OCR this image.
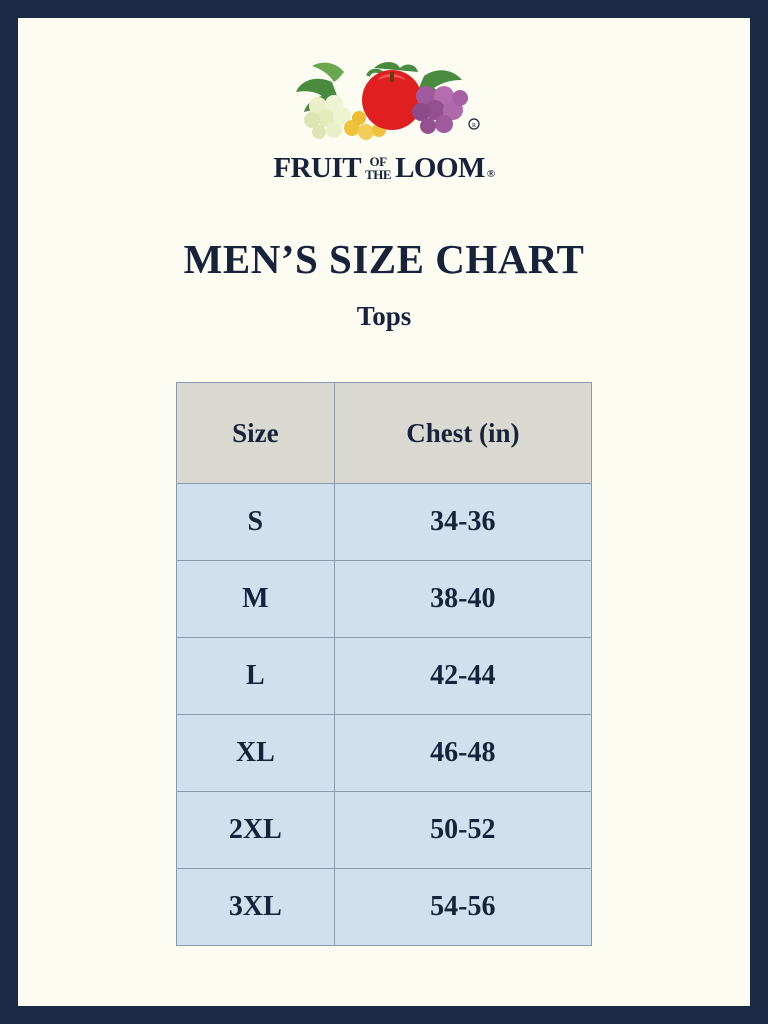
R
FRUIT OF
THE LOOM ®
MEN’S SIZE CHART
Tops
Size	Chest (in)
S	34-36
M	38-40
L	42-44
XL	46-48
2XL	50-52
3XL	54-56
